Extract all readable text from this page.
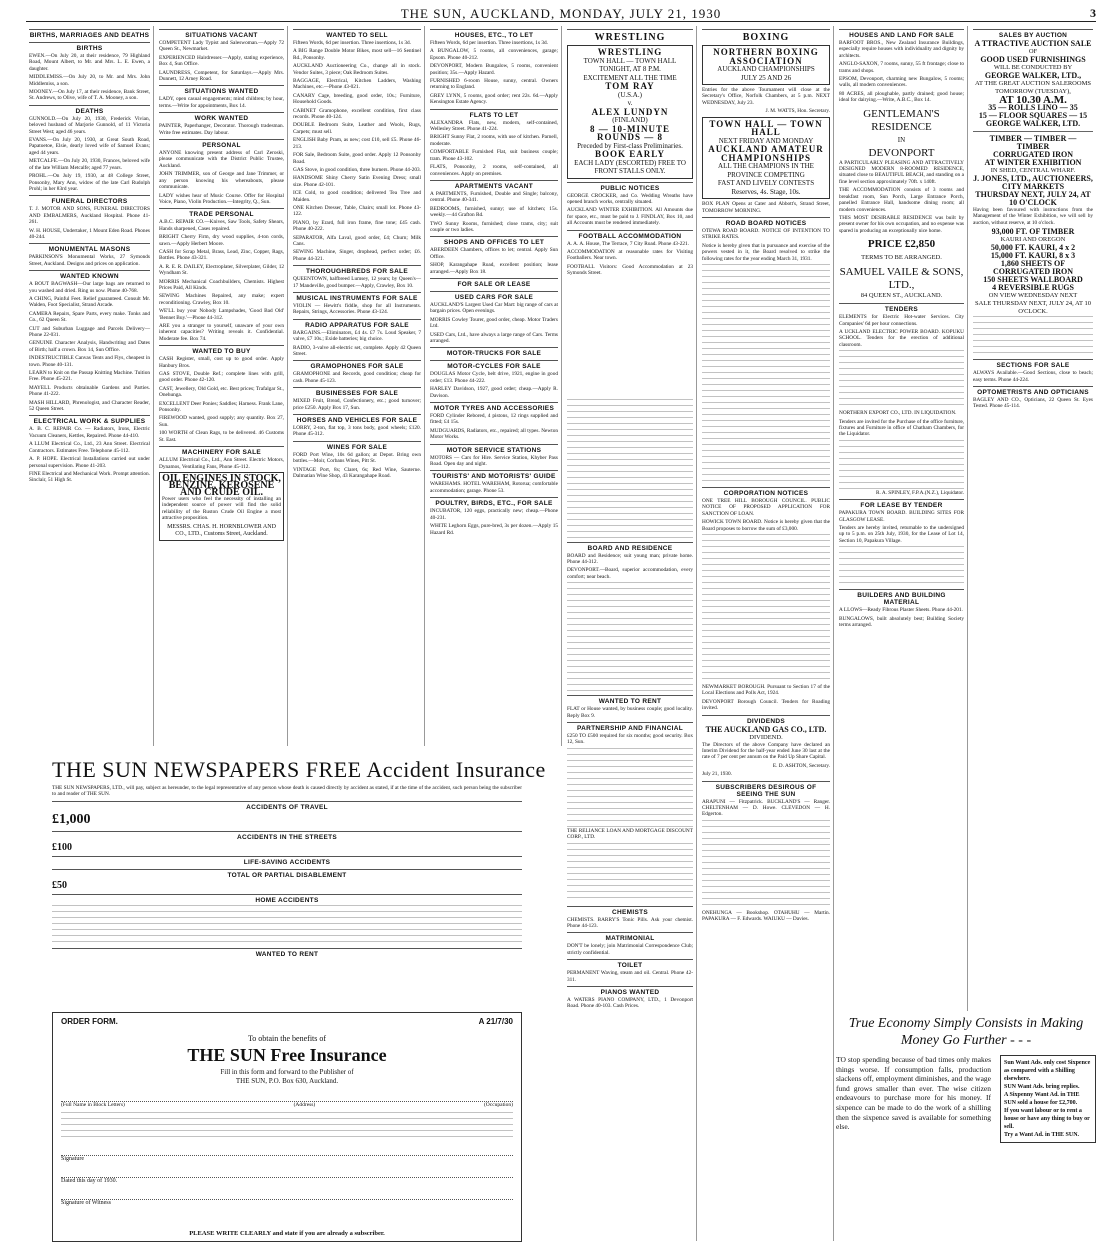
THE SUN, AUCKLAND, MONDAY, JULY 21, 1930	3
BIRTHS, MARRIAGES AND DEATHS
BIRTHS
EWEN.—On July 20, at their residence, 79 Highland Road, Mount Albert, to Mr. and Mrs. L. E. Ewen, a daughter.
MIDDLEMISS.—On July 20, to Mr. and Mrs. John Middlemiss, a son.
MOONEY.—On July 17, at their residence, Bank Street, St. Andrews, to Olive, wife of T. A. Mooney, a son.
DEATHS
GUNNOLD.—On July 20, 1930, Frederick Vivian, beloved husband of Marjorie Gunnold, of 11 Victoria Street West; aged 46 years.
EVANS.—On July 20, 1930, at Great South Road, Papatoetoe, Elsie, dearly loved wife of Samuel Evans; aged 44 years.
METCALFE.—On July 20, 1930, Frances, beloved wife of the late William Metcalfe; aged 77 years.
PROHL.—On July 19, 1930, at 48 College Street, Ponsonby, Mary Ann, widow of the late Carl Rudolph Prohl; in her 83rd year.
FUNERAL DIRECTORS
T. J. MOTOR AND SONS, FUNERAL DIRECTORS AND EMBALMERS, Auckland Hospital. Phone 41-261.
W. H. HOUSE, Undertaker, 1 Mount Eden Road. Phones 40-244.
MONUMENTAL MASONS
PARKINSON'S Monumental Works, 27 Symonds Street, Auckland. Designs and prices on application.
WANTED KNOWN
A BOUT BAGWASH—Our large bags are returned to you washed and dried. Ring us now. Phone 40-768.
A CHING, Painful Feet. Relief guaranteed. Consult Mr. Walden, Foot Specialist, Strand Arcade.
CAMERA Repairs, Spare Parts, every make. Tonks and Co., 62 Queen St.
CUT and Suburban Luggage and Parcels Delivery—Phone 22-031.
GENUINE Character Analysis, Handwriting and Dates of Birth; half a crown. Box 14, Sun Office.
INDESTRUCTIBLE Canvas Tents and Flys, cheapest in town. Phone 40-131.
LEARN to Knit on the Passap Knitting Machine. Tuition Free. Phone 45-221.
MAYELL Products obtainable Gardens and Parties. Phone 41-222.
MASH HILLARD, Phrenologist, and Character Reader, 52 Queen Street.
ELECTRICAL WORK & SUPPLIES
A. B. C. REPAIR Co. — Radiators, Irons, Electric Vacuum Cleaners, Kettles, Repaired. Phone 44-410.
A LLUM Electrical Co., Ltd., 23 Ann Street. Electrical Contractors. Estimates Free. Telephone 45-112.
A. P. HOPE. Electrical Installations carried out under personal supervision. Phone 41-203.
FINE Electrical and Mechanical Work. Prompt attention. Sinclair, 51 High St.
SITUATIONS VACANT
COMPETENT Lady Typist and Saleswoman.—Apply 72 Queen St., Newmarket.
EXPERIENCED Hairdresser.—Apply, stating experience, Box 4, Sun Office.
LAUNDRESS, Competent, for Saturdays.—Apply Mrs. Dunnett, 12 Arney Road.
SITUATIONS WANTED
LADY, open casual engagements; mind children; by hour, terms.—Write for appointments, Box 14.
WORK WANTED
PAINTER, Paperhanger, Decorator. Thorough tradesman. Write free estimates. Day labour.
PERSONAL
ANYONE knowing present address of Carl Zeroski, please communicate with the District Public Trustee, Auckland.
JOHN TRIMMER, son of George and Jane Trimmer, or any person knowing his whereabouts, please communicate.
LADY wishes hear of Music Course. Offer for Hospital Voice, Piano, Violin Production.—Integrity, Q., Sun.
TRADE PERSONAL
A.B.C. REPAIR CO.—Knives, Saw Tools, Safety Shears, Hands sharpened, Cases repaired.
BRIGHT Cherry Firm, dry wood supplies, 4-ton cords, sawn.—Apply Herbert Moore.
CASH for Scrap Metal, Brass, Lead, Zinc, Copper, Rags, Bottles. Phone 43-321.
A. R. E. R. DAILEY, Electroplater, Silverplater, Gilder, 12 Wyndham St.
MORRIS Mechanical Coachbuilders, Chemists. Highest Prices Paid, All Kinds.
SEWING Machines Repaired, any make; expert reconditioning. Crawley, Box 10.
WE'LL buy your Nobody Lampshades, 'Good Bad Old' 'Bennet Buy.'—Phone 44-312.
ARE you a stranger to yourself, unaware of your own inherent capacities? Writing reveals it. Confidential. Moderate fee. Box 74.
WANTED TO BUY
CASH Register, small, cost up to good order. Apply Hanbury Bros.
GAS STOVE, Double Ref.; complete lines with grill, good order. Phone 42-120.
CAST, Jewellery, Old Gold, etc. Best prices; Trafalgar St., Onehunga.
EXCELLENT Deer Ponies; Saddles; Harness. Frank Lane, Ponsonby.
FIREWOOD wanted, good supply; any quantity. Box 27, Sun.
100 WORTH of Clean Rags, to be delivered. 46 Customs St. East.
MACHINERY FOR SALE
ALLUM Electrical Co., Ltd., Ann Street. Electric Motors, Dynamos, Ventilating Fans, Phone 45-112.
OIL ENGINES IN STOCK, BENZINE, KEROSENE AND CRUDE OIL.
Power users who feel the necessity of installing an independent source of power will find the solid reliability of the Ruston Crude Oil Engine a most attractive proposition.
MESSRS. CHAS. H. HORNBLOWER AND CO., LTD., Customs Street, Auckland.
WANTED TO SELL
Fifteen Words, 6d per insertion. Three insertions, 1s 3d.
A BIG Range Double Motor Bikes, most sell—16 Sentinel Rd., Ponsonby.
AUCKLAND Auctioneering Co., change all in stock. Vendor Suites, 3 piece; Oak Bedroom Suites.
BAGGAGE, Electrical, Kitchen Ladders, Washing Machines, etc.—Phone 43-021.
CANARY Cage, breeding, good order, 10s.; Furniture, Household Goods.
CABINET Gramophone, excellent condition, first class records. Phone 40-124.
DOUBLE Bedroom Suite, Leather and Wools, Rugs, Carpets; must sell.
ENGLISH Baby Pram, as new; cost £10, sell £5. Phone 46-213.
FOR Sale, Bedroom Suite, good order. Apply 12 Ponsonby Road.
GAS Stove, in good condition, three burners. Phone 44-203.
HANDSOME Shiny Cherry Satin Evening Dress; small size. Phone 42-101.
ICE Cold, to good condition; delivered Tea Tree and Maiden.
ONE Kitchen Dresser, Table, Chairs; small lot. Phone 43-122.
PIANO, by Erard, full iron frame, fine tone; £45 cash. Phone 40-222.
SEPARATOR, Alfa Laval, good order, £4; Churn; Milk Cans.
SEWING Machine, Singer, drophead, perfect order; £6. Phone 44-321.
THOROUGHBREDS FOR SALE
QUEENTOWN, halfbreed Lumsey, 12 years; by Queen's—17 Mandeville, good bumper.—Apply, Crawley, Box 10.
MUSICAL INSTRUMENTS FOR SALE
VIOLIN — Hewitt's fiddle, shop for all Instruments. Repairs, Strings, Accessories. Phone 43-124.
RADIO APPARATUS FOR SALE
BARGAINS.—Eliminators, £4 4s. £7 7s. Loud Speaker, 7 valve, £7 10s.; Exide batteries; big choice.
RADIO, 3-valve all-electric set, complete. Apply 42 Queen Street.
GRAMOPHONES FOR SALE
GRAMOPHONE and Records, good condition; cheap for cash. Phone 45-123.
BUSINESSES FOR SALE
MIXED Fruit, Bread, Confectionery, etc.; good turnover; price £250. Apply Box 17, Sun.
HORSES AND VEHICLES FOR SALE
LORRY, 2-ton, flat top, 3 tons body, good wheels; £120. Phone 45-312.
WINES FOR SALE
FORD Port Wine, 10s 6d gallon; at Depot. Bring own bottles.—Moir, Corbans Wines, Pitt St.
VINTAGE Port, 8s; Claret, 6s; Red Wine, Sauterne. Dalmatian Wine Shop, 43 Karangahape Road.
HOUSES, ETC., TO LET
Fifteen Words, 6d per insertion. Three insertions, 1s 3d.
A BUNGALOW, 5 rooms, all conveniences, garage; Epsom. Phone 40-212.
DEVONPORT, Modern Bungalow, 5 rooms, convenient position; 35s.—Apply Hazard.
FURNISHED 6-room House, sunny, central. Owners returning to England.
GREY LYNN, 5 rooms, good order; rent 22s. 6d.—Apply Kensington Estate Agency.
FLATS TO LET
ALEXANDRA Flats, new, modern, self-contained, Wellesley Street. Phone 41-224.
BRIGHT Sunny Flat, 2 rooms, with use of kitchen. Parnell, moderate.
COMFORTABLE Furnished Flat, suit business couple; tram. Phone 43-102.
FLATS, Ponsonby, 2 rooms, self-contained, all conveniences. Apply on premises.
APARTMENTS VACANT
A PARTMENTS, Furnished, Double and Single; balcony, central. Phone 40-341.
BEDROOMS, furnished, sunny; use of kitchen; 15s. weekly.—44 Grafton Rd.
TWO Sunny Rooms, furnished; close trams, city; suit couple or two ladies.
SHOPS AND OFFICES TO LET
ABERDEEN Chambers, offices to let; central. Apply Sun Office.
SHOP, Karangahape Road, excellent position; lease arranged.—Apply Box 18.
FOR SALE OR LEASE
USED CARS FOR SALE
AUCKLAND'S Largest Used Car Mart: big range of cars at bargain prices. Open evenings.
MORRIS Cowley Tourer, good order, cheap. Motor Traders Ltd.
USED Cars, Ltd., have always a large range of Cars. Terms arranged.
MOTOR-TRUCKS FOR SALE
MOTOR-CYCLES FOR SALE
DOUGLAS Motor Cycle, belt drive, 1921, engine in good order; £13. Phone 44-222.
HARLEY Davidson, 1927, good order; cheap.—Apply R. Davison.
MOTOR TYRES AND ACCESSORIES
FORD Cylinder Rebored, 4 pistons, 12 rings supplied and fitted; £4 15s.
MUDGUARDS, Radiators, etc., repaired; all types. Newton Motor Works.
MOTOR SERVICE STATIONS
MOTORS — Cars for Hire. Service Station, Khyber Pass Road. Open day and night.
TOURISTS' AND MOTORISTS' GUIDE
WAREHAMS. HOTEL WAREHAM, Rotorua; comfortable accommodation; garage. Phone 53.
POULTRY, BIRDS, ETC., FOR SALE
INCUBATOR, 120 eggs, practically new; cheap.—Phone 40-231.
WHITE Leghorn Eggs, pure-bred, 3s per dozen.—Apply 15 Hazard Rd.
WRESTLING
WRESTLING
TOWN HALL — TOWN HALL
TONIGHT, AT 8 P.M.
EXCITEMENT ALL THE TIME
TOM RAY
(U.S.A.)
v.
ALEX LUNDYN
(FINLAND)
8 — 10-MINUTE ROUNDS — 8
Preceded by First-class Preliminaries.
BOOK EARLY
EACH LADY (ESCORTED) FREE TO FRONT STALLS ONLY.
PUBLIC NOTICES
GEORGE CROCKER, and Co. Wedding Wreaths have opened branch works, centrally situated.
AUCKLAND WINTER EXHIBITION. All Amounts due for space, etc., must be paid to J. FINDLAY, Box 10, and all Accounts must be rendered immediately.
FOOTBALL ACCOMMODATION
A. A. A. House, The Terrace, 7 City Road. Phone 43-221.
ACCOMMODATION at reasonable rates for Visiting Footballers. Near town.
FOOTBALL Visitors: Good Accommodation at 23 Symonds Street.
BOARD AND RESIDENCE
BOARD and Residence; suit young man; private home. Phone 44-312.
DEVONPORT.—Board, superior accommodation, every comfort; near beach.
WANTED TO RENT
FLAT or House wanted, by business couple; good locality. Reply Box 9.
PARTNERSHIP AND FINANCIAL
£250 TO £500 required for six months; good security. Box 12, Sun.
THE RELIANCE LOAN AND MORTGAGE DISCOUNT CORP., LTD.
CHEMISTS
CHEMISTS. BARRY'S Tonic Pills. Ask your chemist. Phone 44-123.
MATRIMONIAL
DON'T be lonely; join Matrimonial Correspondence Club; strictly confidential.
TOILET
PERMANENT Waving, steam and oil. Central. Phone 42-311.
PIANOS WANTED
A WATERS PIANO COMPANY, LTD., 1 Devonport Road. Phone 40-103. Cash Prices.
BOXING
NORTHERN BOXING ASSOCIATION
AUCKLAND CHAMPIONSHIPS
JULY 25 AND 26
Entries for the above Tournament will close at the Secretary's Office, Norfolk Chambers, at 5 p.m. NEXT WEDNESDAY, July 23.
J. M. WATTS, Hon. Secretary.
TOWN HALL — TOWN HALL
NEXT FRIDAY AND MONDAY
AUCKLAND AMATEUR CHAMPIONSHIPS
ALL THE CHAMPIONS IN THE PROVINCE COMPETING
FAST AND LIVELY CONTESTS
Reserves, 4s. Stage, 10s.
BOX PLAN Opens at Cater and Abbott's, Strand Street, TOMORROW MORNING.
ROAD BOARD NOTICES
OTEWA ROAD BOARD. NOTICE OF INTENTION TO STRIKE RATES.
Notice is hereby given that in pursuance and exercise of the powers vested in it, the Board resolved to strike the following rates for the year ending March 31, 1931.
CORPORATION NOTICES
ONE TREE HILL BOROUGH COUNCIL. PUBLIC NOTICE OF PROPOSED APPLICATION FOR SANCTION OF LOAN.
HOWICK TOWN BOARD. Notice is hereby given that the Board proposes to borrow the sum of £3,000.
NEWMARKET BOROUGH. Pursuant to Section 17 of the Local Elections and Polls Act, 1924.
DEVONPORT Borough Council. Tenders for Roading invited.
DIVIDENDS
THE AUCKLAND GAS CO., LTD.
DIVIDEND.
The Directors of the above Company have declared an Interim Dividend for the half-year ended June 30 last at the rate of 7 per cent per annum on the Paid Up Share Capital.
E. D. ASHTON, Secretary.
July 21, 1930.
SUBSCRIBERS DESIROUS OF SEEING THE SUN
ARAPUNI — Fitzpatrick. BUCKLAND'S — Ranger. CHELTENHAM — D. Howe. CLEVEDON — H. Edgerton.
ONEHUNGA — Bookshop. OTAHUHU — Martin. PAPAKURA — F. Edwards. WAIUKU — Davies.
HOUSES AND LAND FOR SALE
BARFOOT BROS., New Zealand Insurance Buildings, especially require houses with individuality and dignity by architects.
ANGLO-SAXON, 7 rooms, sunny, 55 ft frontage; close to trams and shops.
EPSOM, Devonport, charming new Bungalow, 5 rooms; walls, all modern conveniences.
80 ACRES, all ploughable, partly drained; good house; ideal for dairying.—Write, A.B.C., Box 14.
GENTLEMAN'S RESIDENCE
IN
DEVONPORT
A PARTICULARLY PLEASING AND ATTRACTIVELY DESIGNED MODERN 8-ROOMED RESIDENCE, situated close to BEAUTIFUL BEACH, and standing on a fine level section approximately 70ft. x 140ft.
THE ACCOMMODATION consists of 3 rooms and breakfast room, Sun Porch, Large Entrance Porch, panelled Entrance Hall, handsome dining room; all modern conveniences.
THIS MOST DESIRABLE RESIDENCE was built by present owner for his own occupation, and no expense was spared in producing an exceptionally nice home.
PRICE £2,850
TERMS TO BE ARRANGED.
SAMUEL VAILE & SONS, LTD.,
84 QUEEN ST., AUCKLAND.
TENDERS
ELEMENTS for Electric Hot-water Services. City Companies' 6d per hour connections.
A UCKLAND ELECTRIC POWER BOARD. KOPUKU SCHOOL. Tenders for the erection of additional classroom.
NORTHERN EXPORT CO., LTD. IN LIQUIDATION.
Tenders are invited for the Purchase of the office furniture, fixtures and Furniture in office of Chatham Chambers, for the Liquidator.
R. A. SPINLEY, F.P.A.(N.Z.), Liquidator.
FOR LEASE BY TENDER
PAPAKURA TOWN BOARD. BUILDING SITES FOR GLASGOW LEASE.
Tenders are hereby invited, returnable to the undersigned up to 5 p.m. on 25th July, 1930, for the Lease of Lot 14, Section 10, Papakura Village.
BUILDERS AND BUILDING MATERIAL
A LLOWS—Ready Fibrous Plaster Sheets. Phone 44-201.
BUNGALOWS, built absolutely best; Building Society terms arranged.
SALES BY AUCTION
A TTRACTIVE AUCTION SALE
OF
GOOD USED FURNISHINGS
WILL BE CONDUCTED BY
GEORGE WALKER, LTD.,
AT THE GREAT AUCTION SALEROOMS
TOMORROW (TUESDAY),
AT 10.30 A.M.
35 — ROLLS LINO — 35
15 — FLOOR SQUARES — 15
GEORGE WALKER, LTD.
TIMBER — TIMBER — TIMBER
CORRUGATED IRON
AT WINTER EXHIBITION
IN SHED, CENTRAL WHARF.
J. JONES, LTD., AUCTIONEERS, CITY MARKETS
THURSDAY NEXT, JULY 24, AT 10 O'CLOCK
Having been favoured with instructions from the Management of the Winter Exhibition, we will sell by auction, without reserve, at 10 o'clock.
93,000 FT. OF TIMBER
KAURI AND OREGON
50,000 FT. KAURI, 4 x 2
15,000 FT. KAURI, 8 x 3
1,860 SHEETS OF CORRUGATED IRON
150 SHEETS WALLBOARD
4 REVERSIBLE RUGS
ON VIEW WEDNESDAY NEXT
SALE THURSDAY NEXT, JULY 24, AT 10 O'CLOCK.
SECTIONS FOR SALE
ALWAYS Available.—Good Sections, close to beach; easy terms. Phone 44-224.
OPTOMETRISTS AND OPTICIANS
BAGLEY AND CO., Opticians, 22 Queen St. Eyes Tested. Phone 45-114.
THE SUN NEWSPAPERS FREE Accident Insurance
THE SUN NEWSPAPERS, LTD., will pay, subject as hereunder, to the legal representative of any person whose death is caused directly by accident as stated, if at the time of the accident, such person being the subscriber to and reader of THE SUN.
ACCIDENTS OF TRAVEL
£1,000
ACCIDENTS IN THE STREETS
£100
LIFE-SAVING ACCIDENTS
TOTAL OR PARTIAL DISABLEMENT
£50
HOME ACCIDENTS
WANTED TO RENT
ORDER FORM.	A 21/7/30
To obtain the benefits of
THE SUN Free Insurance
Fill in this form and forward to the Publisher of
THE SUN, P.O. Box 630, Auckland.
(Full Name in Block Letters)	(Address)	(Occupation)
Signature
Dated this day of 1930.
Signature of Witness
PLEASE WRITE CLEARLY and state if you are already a subscriber.
True Economy Simply Consists in Making Money Go Further - - -
TO stop spending because of bad times only makes things worse. If consumption falls, production slackens off, employment diminishes, and the wage fund grows smaller than ever. The wise citizen endeavours to purchase more for his money. If sixpence can be made to do the work of a shilling then the sixpence saved is available for something else.
Sun Want Ads. only cost Sixpence as compared with a Shilling elsewhere.
SUN Want Ads. bring replies.
A Sixpenny Want Ad. in THE SUN sold a house for £2,700.
If you want labour or to rent a house or have any thing to buy or sell.
Try a Want Ad. in THE SUN.
